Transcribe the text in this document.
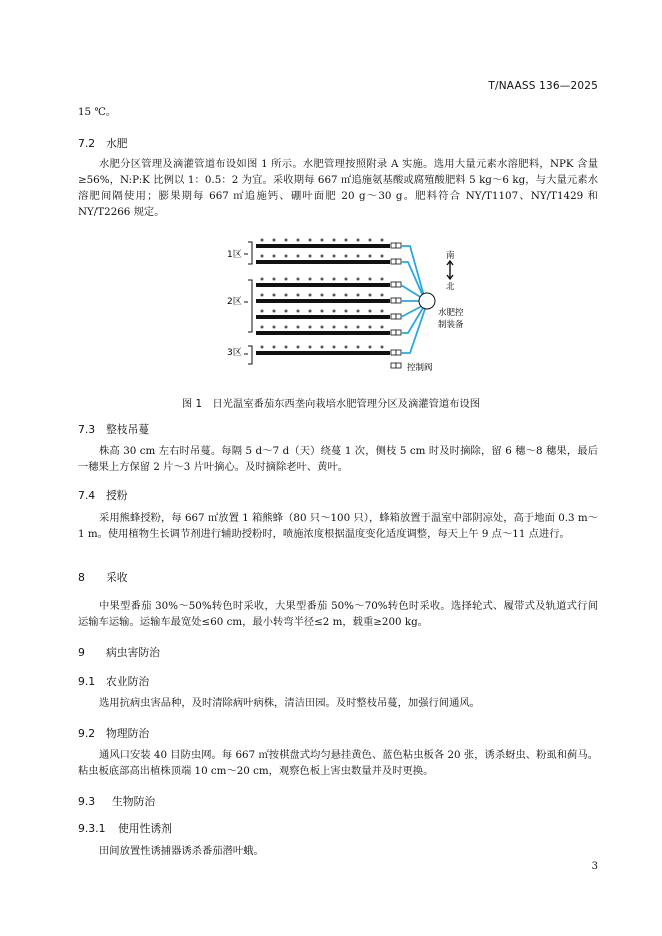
T/NAASS 136—2025
15 ℃。
7.2 水肥
水肥分区管理及滴灌管道布设如图 1 所示。水肥管理按照附录 A 实施。选用大量元素水溶肥料，NPK 含量≥56%，N:P:K 比例以 1：0.5：2 为宜。采收期每 667 ㎡追施氨基酸或腐殖酸肥料 5 kg～6 kg，与大量元素水溶肥间隔使用；膨果期每 667 ㎡追施钙、硼叶面肥 20 g～30 g。肥料符合 NY/T1107、NY/T1429 和 NY/T2266 规定。
1区
2区
3区
南
北
水肥控
制装备
控制阀
图 1　日光温室番茄东西垄向栽培水肥管理分区及滴灌管道布设图
7.3 整枝吊蔓
株高 30 cm 左右时吊蔓。每隔 5 d～7 d（天）绕蔓 1 次，侧枝 5 cm 时及时摘除，留 6 穗～8 穗果，最后一穗果上方保留 2 片～3 片叶摘心。及时摘除老叶、黄叶。
7.4 授粉
采用熊蜂授粉，每 667 ㎡放置 1 箱熊蜂（80 只～100 只），蜂箱放置于温室中部阴凉处，高于地面 0.3 m～1 m。使用植物生长调节剂进行辅助授粉时，喷施浓度根据温度变化适度调整，每天上午 9 点～11 点进行。
8 采收
中果型番茄 30%～50%转色时采收，大果型番茄 50%～70%转色时采收。选择轮式、履带式及轨道式行间运输车运输。运输车最宽处≤60 cm，最小转弯半径≤2 m，载重≥200 kg。
9 病虫害防治
9.1 农业防治
选用抗病虫害品种，及时清除病叶病株，清洁田园。及时整枝吊蔓，加强行间通风。
9.2 物理防治
通风口安装 40 目防虫网。每 667 ㎡按棋盘式均匀悬挂黄色、蓝色粘虫板各 20 张，诱杀蚜虫、粉虱和蓟马。粘虫板底部高出植株顶端 10 cm～20 cm，观察色板上害虫数量并及时更换。
9.3 生物防治
9.3.1 使用性诱剂
田间放置性诱捕器诱杀番茄潜叶蛾。
3
